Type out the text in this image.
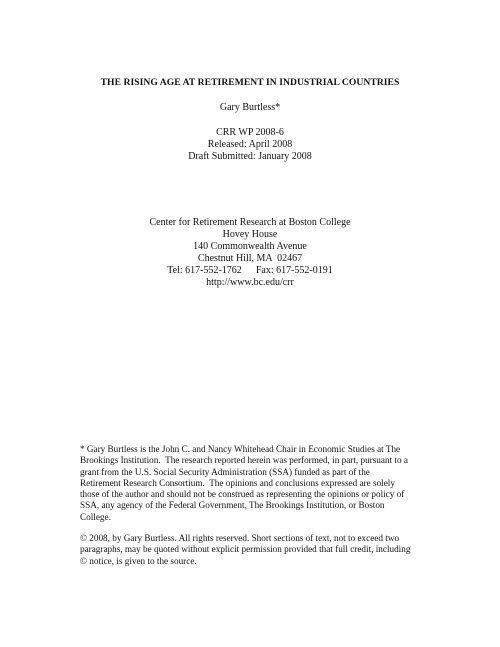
THE RISING AGE AT RETIREMENT IN INDUSTRIAL COUNTRIES
Gary Burtless*
CRR WP 2008-6
Released: April 2008
Draft Submitted: January 2008
Center for Retirement Research at Boston College
Hovey House
140 Commonwealth Avenue
Chestnut Hill, MA  02467
Tel: 617-552-1762 Fax: 617-552-0191
http://www.bc.edu/crr
* Gary Burtless is the John C. and Nancy Whitehead Chair in Economic Studies at The
Brookings Institution.  The research reported herein was performed, in part, pursuant to a
grant from the U.S. Social Security Administration (SSA) funded as part of the
Retirement Research Consortium.  The opinions and conclusions expressed are solely
those of the author and should not be construed as representing the opinions or policy of
SSA, any agency of the Federal Government, The Brookings Institution, or Boston
College.
© 2008, by Gary Burtless. All rights reserved. Short sections of text, not to exceed two
paragraphs, may be quoted without explicit permission provided that full credit, including
© notice, is given to the source.
